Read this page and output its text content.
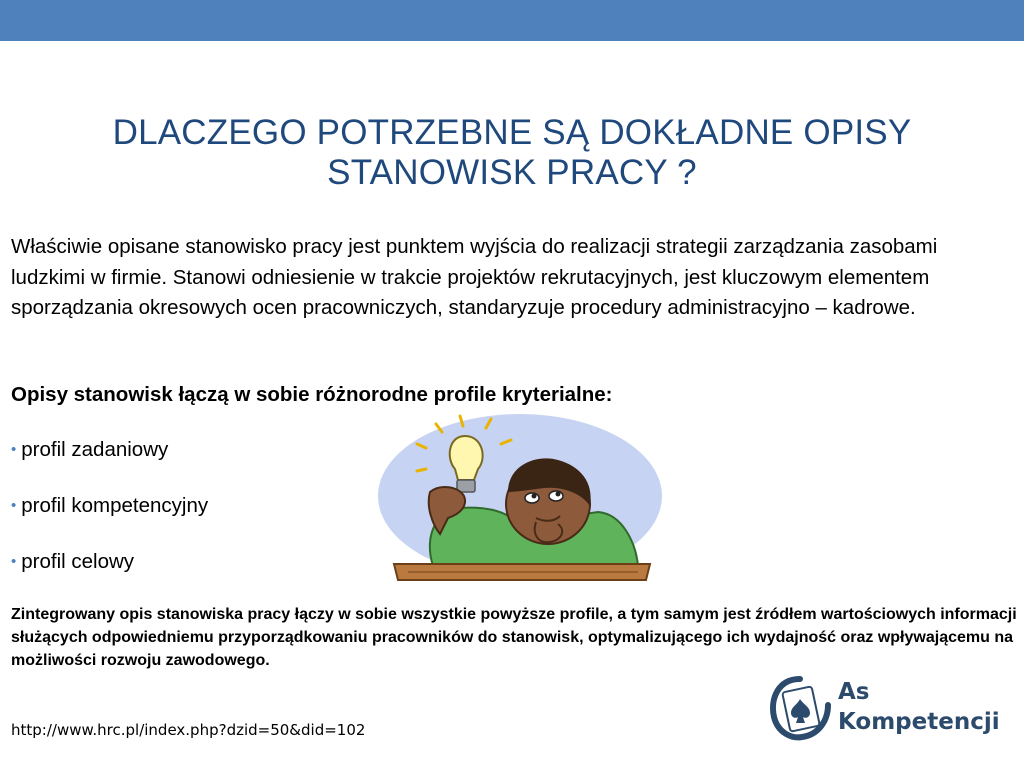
DLACZEGO POTRZEBNE SĄ DOKŁADNE OPISY STANOWISK PRACY ?

Właściwie opisane stanowisko pracy jest punktem wyjścia do realizacji strategii zarządzania zasobami ludzkimi w firmie. Stanowi odniesienie w trakcie projektów rekrutacyjnych, jest kluczowym elementem sporządzania okresowych ocen pracowniczych, standaryzuje procedury administracyjno – kadrowe.

Opisy stanowisk łączą w sobie różnorodne profile kryterialne:

• profil zadaniowy

• profil kompetencyjny

• profil celowy

Zintegrowany opis stanowiska pracy łączy w sobie wszystkie powyższe profile, a tym samym jest źródłem wartościowych informacji służących odpowiedniemu przyporządkowaniu pracowników do stanowisk, optymalizującego ich wydajność oraz wpływającemu na możliwości rozwoju zawodowego.

http://www.hrc.pl/index.php?dzid=50&did=102

As
Kompetencji
